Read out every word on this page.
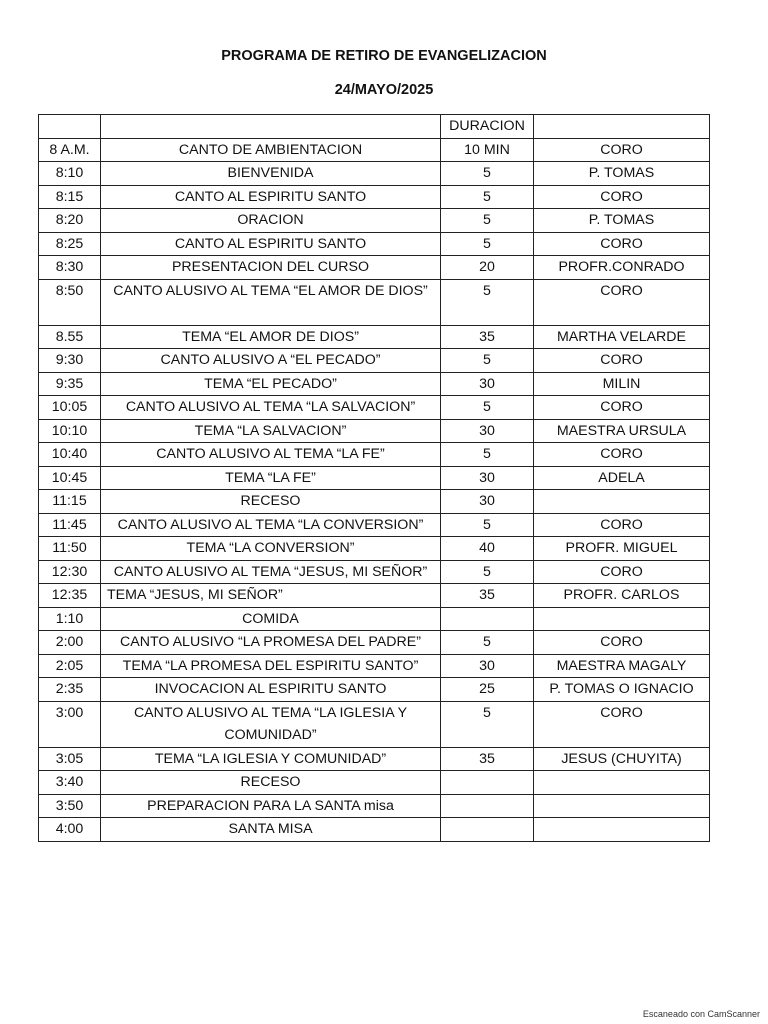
PROGRAMA DE RETIRO DE EVANGELIZACION
24/MAYO/2025
		DURACION	
8 A.M.	CANTO DE AMBIENTACION	10 MIN	CORO
8:10	BIENVENIDA	5	P. TOMAS
8:15	CANTO AL ESPIRITU SANTO	5	CORO
8:20	ORACION	5	P. TOMAS
8:25	CANTO AL ESPIRITU SANTO	5	CORO
8:30	PRESENTACION DEL CURSO	20	PROFR.CONRADO
8:50	CANTO ALUSIVO AL TEMA “EL AMOR DE DIOS”	5	CORO
8.55	TEMA “EL AMOR DE DIOS”	35	MARTHA VELARDE
9:30	CANTO ALUSIVO A “EL PECADO”	5	CORO
9:35	TEMA “EL PECADO”	30	MILIN
10:05	CANTO ALUSIVO AL TEMA “LA SALVACION”	5	CORO
10:10	TEMA “LA SALVACION”	30	MAESTRA URSULA
10:40	CANTO ALUSIVO AL TEMA “LA FE”	5	CORO
10:45	TEMA “LA FE”	30	ADELA
11:15	RECESO	30	
11:45	CANTO ALUSIVO AL TEMA “LA CONVERSION”	5	CORO
11:50	TEMA “LA CONVERSION”	40	PROFR. MIGUEL
12:30	CANTO ALUSIVO AL TEMA “JESUS, MI SEÑOR”	5	CORO
12:35	TEMA “JESUS, MI SEÑOR”	35	PROFR. CARLOS
1:10	COMIDA		
2:00	CANTO ALUSIVO “LA PROMESA DEL PADRE”	5	CORO
2:05	TEMA “LA PROMESA DEL ESPIRITU SANTO”	30	MAESTRA MAGALY
2:35	INVOCACION AL ESPIRITU SANTO	25	P. TOMAS O IGNACIO
3:00	CANTO ALUSIVO AL TEMA “LA IGLESIA Y COMUNIDAD”	5	CORO
3:05	TEMA “LA IGLESIA Y COMUNIDAD”	35	JESUS (CHUYITA)
3:40	RECESO		
3:50	PREPARACION PARA LA SANTA misa		
4:00	SANTA MISA		
Escaneado con CamScanner
